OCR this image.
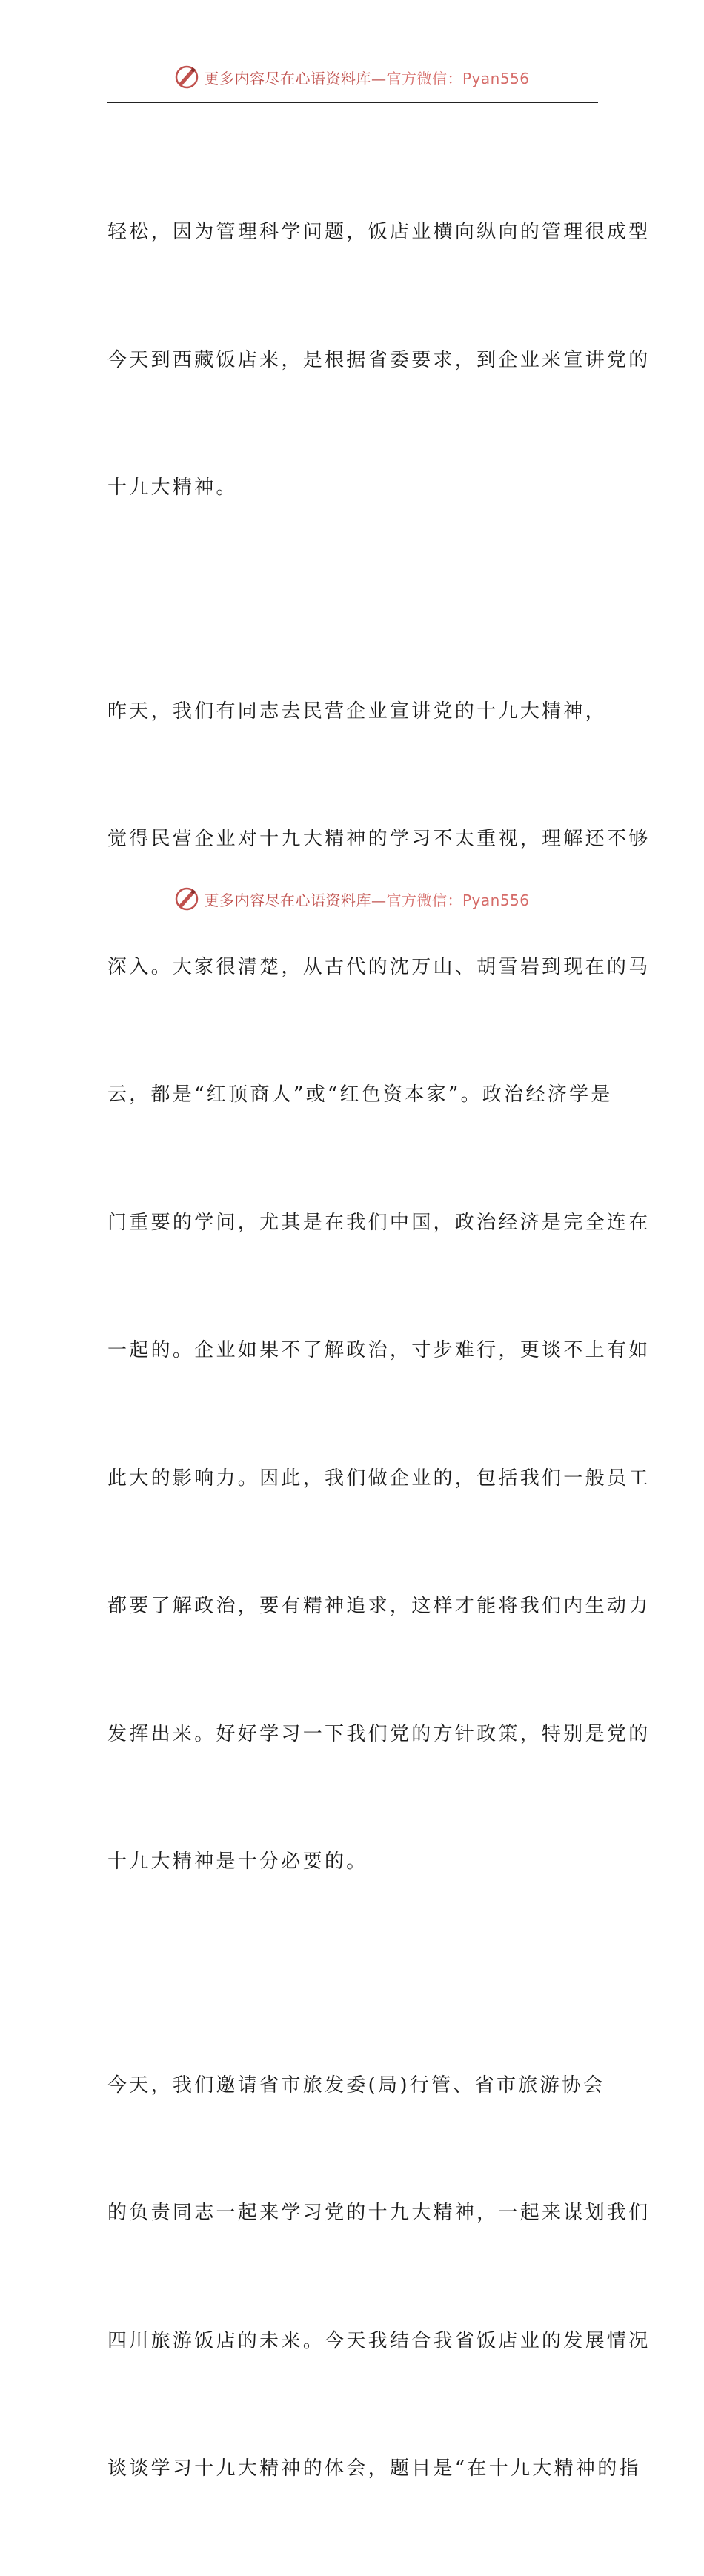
更多内容尽在心语资料库—官方微信：Pyan556

轻松，因为管理科学问题，饭店业横向纵向的管理很成型

今天到西藏饭店来，是根据省委要求，到企业来宣讲党的

十九大精神。

昨天，我们有同志去民营企业宣讲党的十九大精神，

觉得民营企业对十九大精神的学习不太重视，理解还不够

深入。大家很清楚，从古代的沈万山、胡雪岩到现在的马

云，都是“红顶商人”或“红色资本家”。政治经济学是

门重要的学问，尤其是在我们中国，政治经济是完全连在

一起的。企业如果不了解政治，寸步难行，更谈不上有如

此大的影响力。因此，我们做企业的，包括我们一般员工

都要了解政治，要有精神追求，这样才能将我们内生动力

发挥出来。好好学习一下我们党的方针政策，特别是党的

十九大精神是十分必要的。

今天，我们邀请省市旅发委(局)行管、省市旅游协会

的负责同志一起来学习党的十九大精神，一起来谋划我们

四川旅游饭店的未来。今天我结合我省饭店业的发展情况

谈谈学习十九大精神的体会，题目是“在十九大精神的指

更多内容尽在心语资料库—官方微信：Pyan556
